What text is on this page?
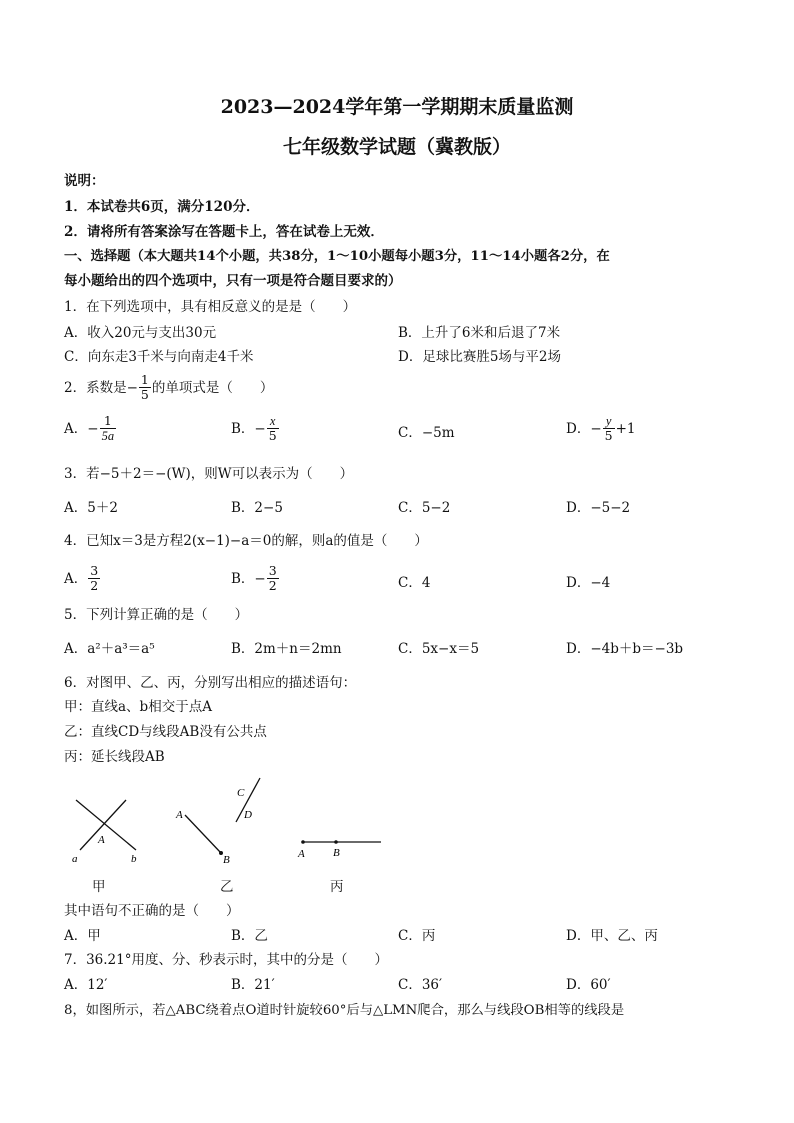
2023—2024学年第一学期期末质量监测
七年级数学试题（冀教版）
说明：
1．本试卷共6页，满分120分．
2．请将所有答案涂写在答题卡上，答在试卷上无效．
一、选择题（本大题共14个小题，共38分，1～10小题每小题3分，11～14小题各2分，在
每小题给出的四个选项中，只有一项是符合题目要求的）
1．在下列选项中，具有相反意义的是是（　　）
A．收入20元与支出30元	B．上升了6米和后退了7米
C．向东走3千米与向南走4千米	D．足球比赛胜5场与平2场
2．系数是− $\frac{1}{5}$ 的单项式是（　　）
A．− $\frac{1}{5a}$	B．− $\frac{x}{5}$	C．−5m	D．− $\frac{y}{5} +1$
3．若−5＋2＝−(W)，则W可以表示为（　　）
A．5＋2	B．2−5	C．5−2	D．−5−2
4．已知x＝3是方程2(x−1)−a＝0的解，则a的值是（　　）
A． $\frac{3}{2}$	B．− $\frac{3}{2}$	C．4	D．−4
5．下列计算正确的是（　　）
A．a²＋a³＝a⁵	B．2m＋n＝2mn	C．5x−x＝5	D．−4b＋b＝−3b
6．对图甲、乙、丙，分别写出相应的描述语句：
甲：直线a、b相交于点A
乙：直线CD与线段AB没有公共点
丙：延长线段AB
a	b
A
A
B
C
D
A	B
甲	乙	丙
其中语句不正确的是（　　）
A．甲	B．乙	C．丙	D．甲、乙、丙
7．36.21°用度、分、秒表示时，其中的分是（　　）
A．12′	B．21′	C．36′	D．60′
8，如图所示，若△ABC绕着点O道时针旋较60°后与△LMN爬合，那么与线段OB相等的线段是
